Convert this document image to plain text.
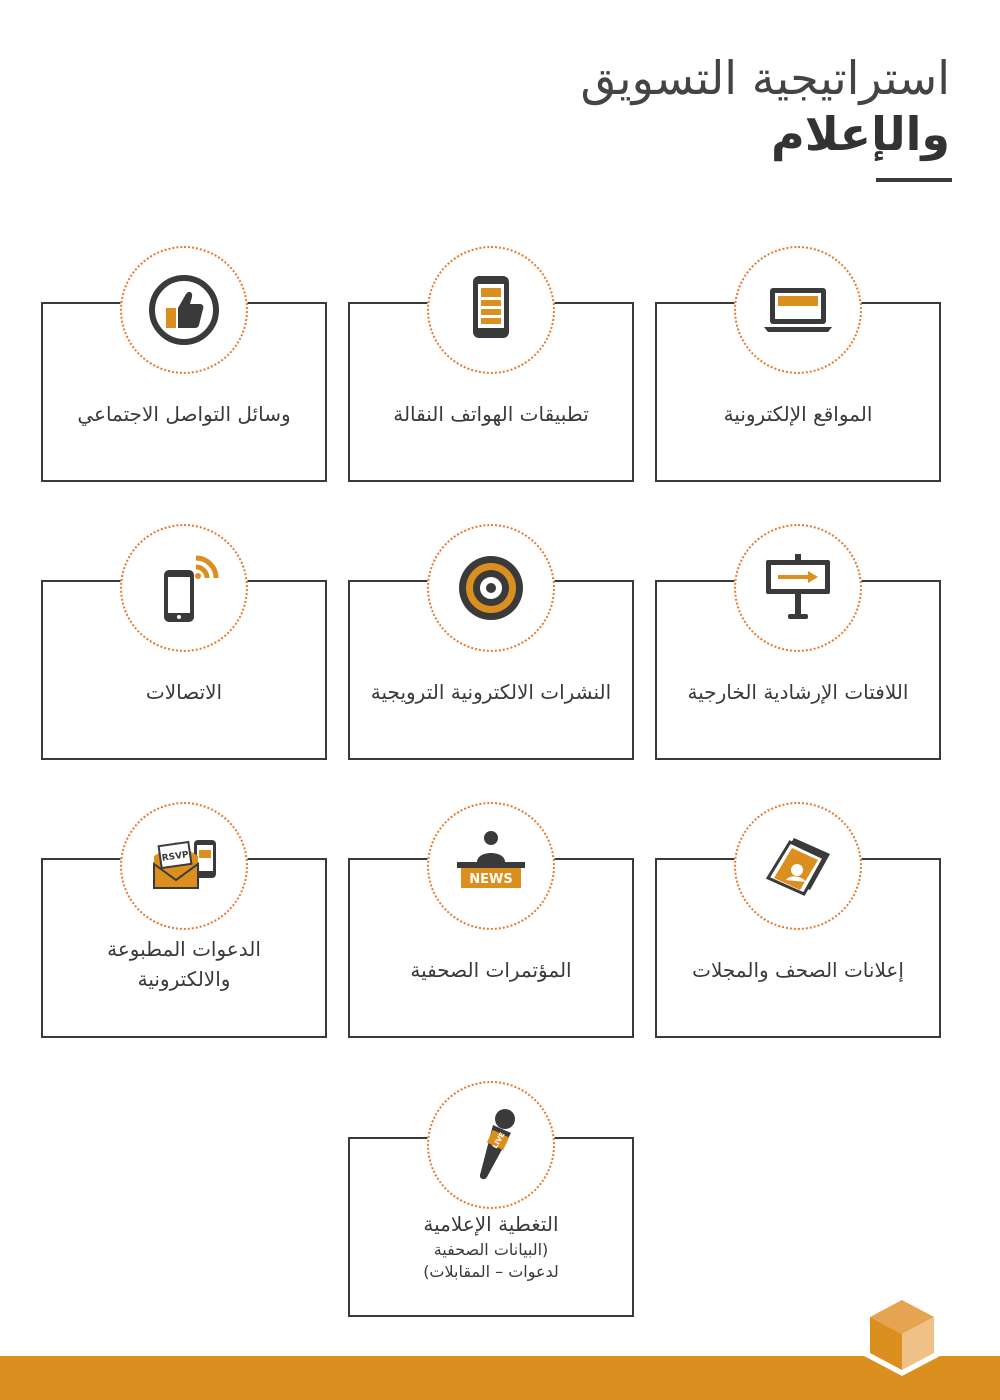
استراتيجية التسويق
والإعلام
المواقع الإلكترونية
تطبيقات الهواتف النقالة
وسائل التواصل الاجتماعي
اللافتات الإرشادية الخارجية
النشرات الالكترونية الترويجية
الاتصالات
إعلانات الصحف والمجلات
NEWS
المؤتمرات الصحفية
RSVP
الدعوات المطبوعة
والالكترونية
LIVE
التغطية الإعلامية
(البيانات الصحفية
لدعوات – المقابلات)
